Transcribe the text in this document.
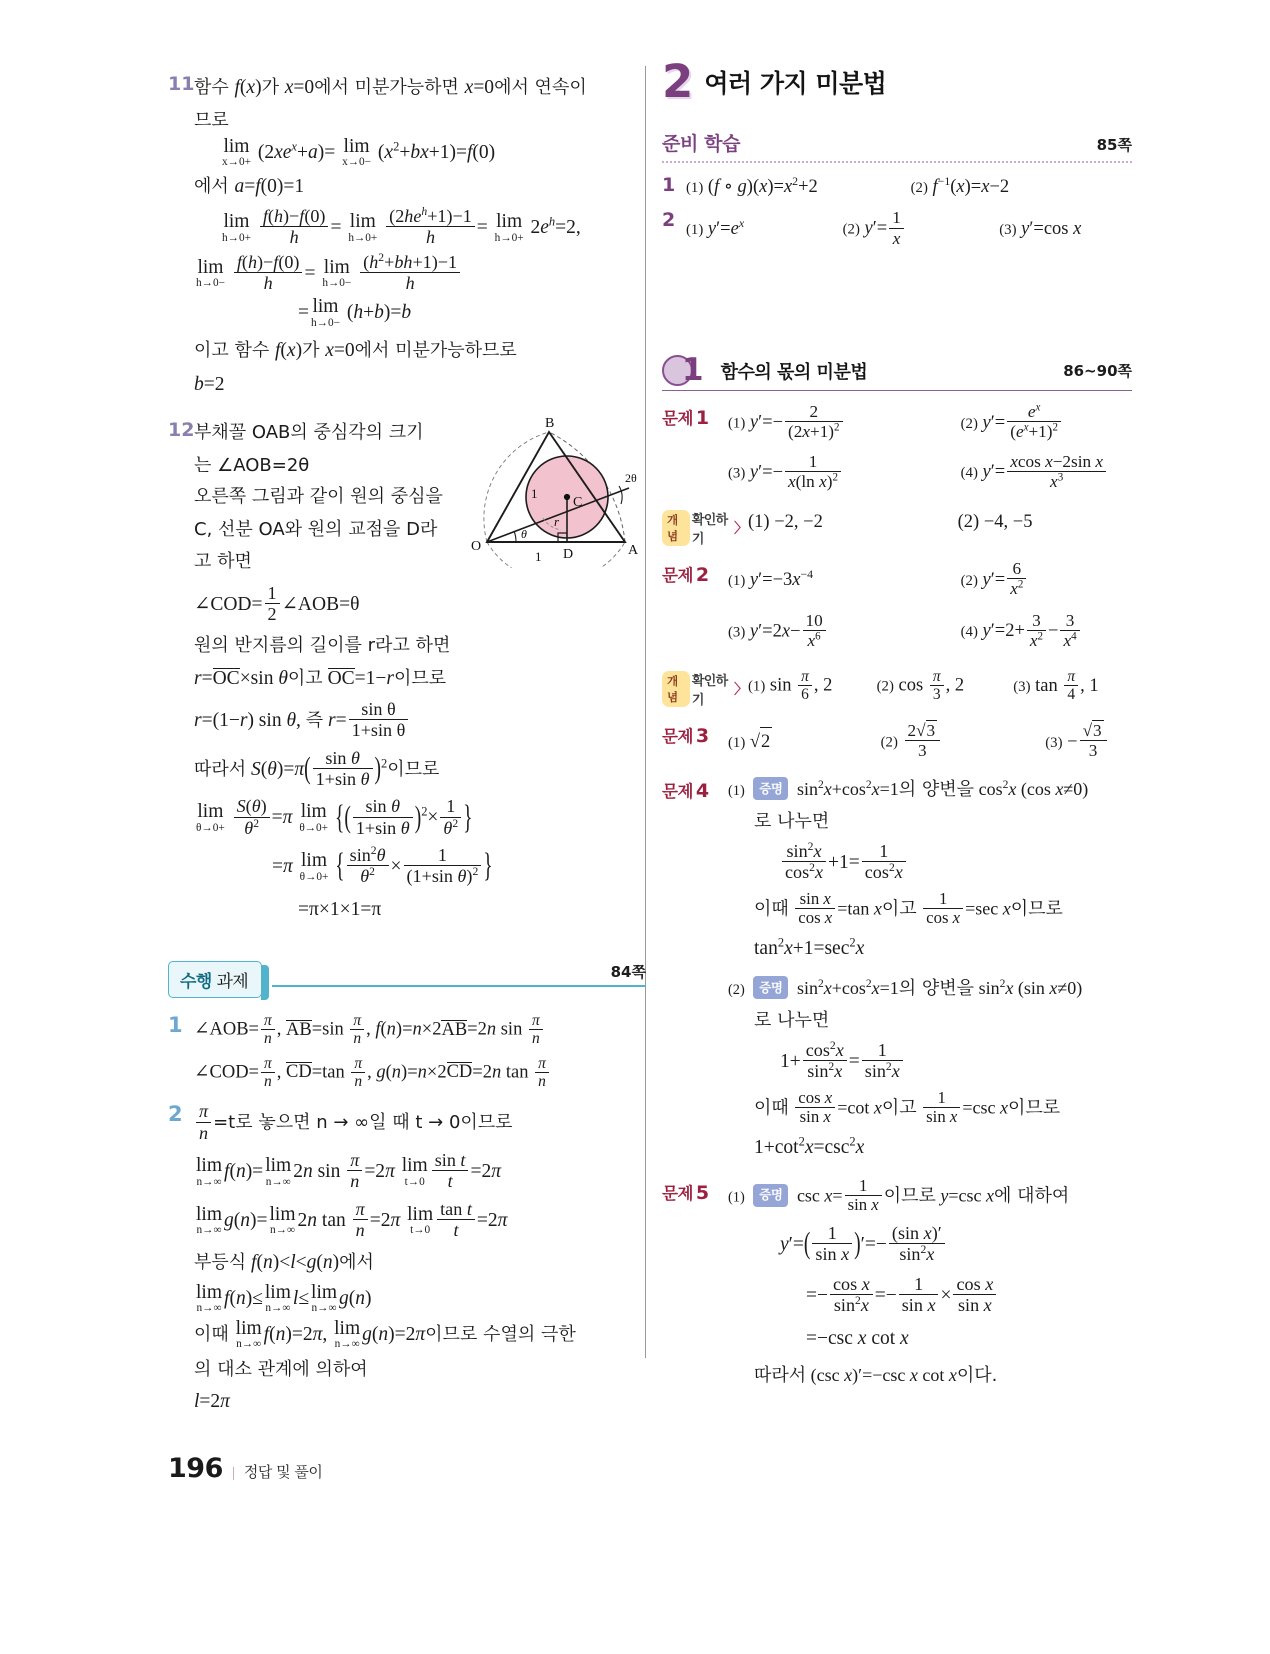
11 함수 f(x)가 x=0에서 미분가능하면 x=0에서 연속이
므로
lim
$x\to 0+ (2xe^x+a)= \lim$
$x\to 0- (x^2+bx+1)=f(0)$
에서 a=f(0)=1
lim
h→0+
$\frac{f(h)-f(0)}{h} = \lim$
h→0+
$\frac{(2he^h+1)-1}{h} = \lim$
$h\to 0+ 2e^h=2$,
lim
h→0−
$\frac{f(h)-f(0)}{h} = \lim$
h→0−
$\frac{(h^2+bh+1)-1}{h}$
= lim
h→0− (h+b)=b
이고 함수 f(x)가 x=0에서 미분가능하므로
b=2
12 부채꼴 OAB의 중심각의 크기
는 ∠AOB=2θ
오른쪽 그림과 같이 원의 중심을
C, 선분 OA와 원의 교점을 D라
고 하면
∠COD= $\frac{1}{2}$ ∠AOB=θ
원의 반지름의 길이를 r라고 하면
r=OC×sin θ이고 OC=1−r이므로
r=(1−r) sin θ, 즉 $r= \frac{\text{sin θ}}{\text{1+sin θ}}$
따라서 $S(\theta)=\pi( \frac{\text{sin θ}}{\text{1+sin θ}} )^2$이므로
lim
θ→0+
$\frac{S(\theta)}{\theta^2} =\pi$ lim
θ→0+ {( $\frac{\text{sin θ}}{\text{1+sin θ}} )^2\times \frac{1}{\theta^2}$ }
=π lim
θ→0+ { $\frac{\sin^2\theta}{\theta^2} \times \frac{1}{(1+\sin \theta)^2}$ }
=π×1×1=π
B
C
D
O	A
r
θ
2θ
1
1
수행 과제	84쪽
1 ∠AOB= $\frac{\pi}{n}$ , $AB=\sin \frac{\pi}{n}$ , f(n)=n×2AB=2n $\sin \frac{\pi}{n}$
∠COD= $\frac{\pi}{n}$ , $CD=\tan \frac{\pi}{n}$ , g(n)=n×2CD=2n $\tan \frac{\pi}{n}$
$2 \frac{\pi}{n} =t$로 놓으면 n → ∞일 때 t → 0이므로
lim
n→∞ f(n)= lim
n→∞ 2n $\sin \frac{\pi}{n} =2\pi$ lim
$t\to 0 \frac{\text{sin t}}{t} =2\pi$
lim
n→∞ g(n)= lim
n→∞ 2n $\tan \frac{\pi}{n} =2\pi$ lim
$t\to 0 \frac{\text{tan t}}{t} =2\pi$
부등식 f(n)<l<g(n)에서
lim
n→∞ f(n)≤ lim
n→∞ l≤ lim
n→∞ g(n)
이때 lim
n→∞ f(n)=2π, lim
n→∞ g(n)=2π이므로 수열의 극한
의 대소 관계에 의하여
l=2π
2 여러 가지 미분법
준비 학습	85쪽
1 (1) (f ∘ $g)(x)=x^2+2$	(2) $f^{-1}(x)=x-2$
2 (1) $y'=e^x$	(2) $y'= \frac{1}{x}$	(3) y′=cos x
1 함수의 몫의 미분법	86~90쪽
문제 1	(1) $y'=- \frac{2}{(2x+1)^2}$	(2) $y'= \frac{e^x}{(e^x+1)^2}$
(3) $y'=- \frac{1}{x(\ln x)^2}$	(4) $y'= \frac{\text{xcos x−2sin x}}{x^3}$
개념
확인하기
〉 (1) −2, −2	(2) −4, −5
문제 2	(1) $y'=-3x^{-4}$	(2) $y'= \frac{6}{x^2}$
(3) $y'=2x- \frac{10}{x^6}$	(4) $y'=2+ \frac{3}{x^2} - \frac{3}{x^4}$
개념
확인하기
〉 (1) $\sin \frac{\pi}{6}$ , 2	(2) $\cos \frac{\pi}{3}$ , 2	(3) $\tan \frac{\pi}{4}$ , 1
문제 3	(1) √2	$(2) \frac{2√3}{3}$	$(3) - \frac{√3}{3}$
문제 4	(1) 증명 $\sin^2x+\cos^2x=1$의 양변을 $\cos^2x$ (cos x≠0)
로 나누면
$\frac{\sin^2x}{\cos^2x} +1= \frac{1}{\cos^2x}$
이때 $\frac{\text{sin x}}{\text{cos x}} =\tan$ x이고 $\frac{1}{\text{cos x}} =\sec$ x이므로
$\tan^2x+1=\sec^2x$
(2) 증명 $\sin^2x+\cos^2x=1$의 양변을 $\sin^2x$ (sin x≠0)
로 나누면
$1+ \frac{\cos^2x}{\sin^2x} = \frac{1}{\sin^2x}$
이때 $\frac{\text{cos x}}{\text{sin x}} =\cot$ x이고 $\frac{1}{\text{sin x}} =\csc$ x이므로
$1+\cot^2x=\csc^2x$
문제 5	(1) 증명 $\csc x= \frac{1}{\text{sin x}}$ 이므로 y=csc x에 대하여
$y'=( \frac{1}{\text{sin x}}$ )′=− $\frac{\text{(sin x)′}}{\sin^2x}$
=− $\frac{\text{cos x}}{\sin^2x} =- \frac{1}{\text{sin x}} \times \frac{\text{cos x}}{\text{sin x}}$
=−csc x cot x
따라서 (csc x)′=−csc x cot x이다.
196 | 정답 및 풀이
